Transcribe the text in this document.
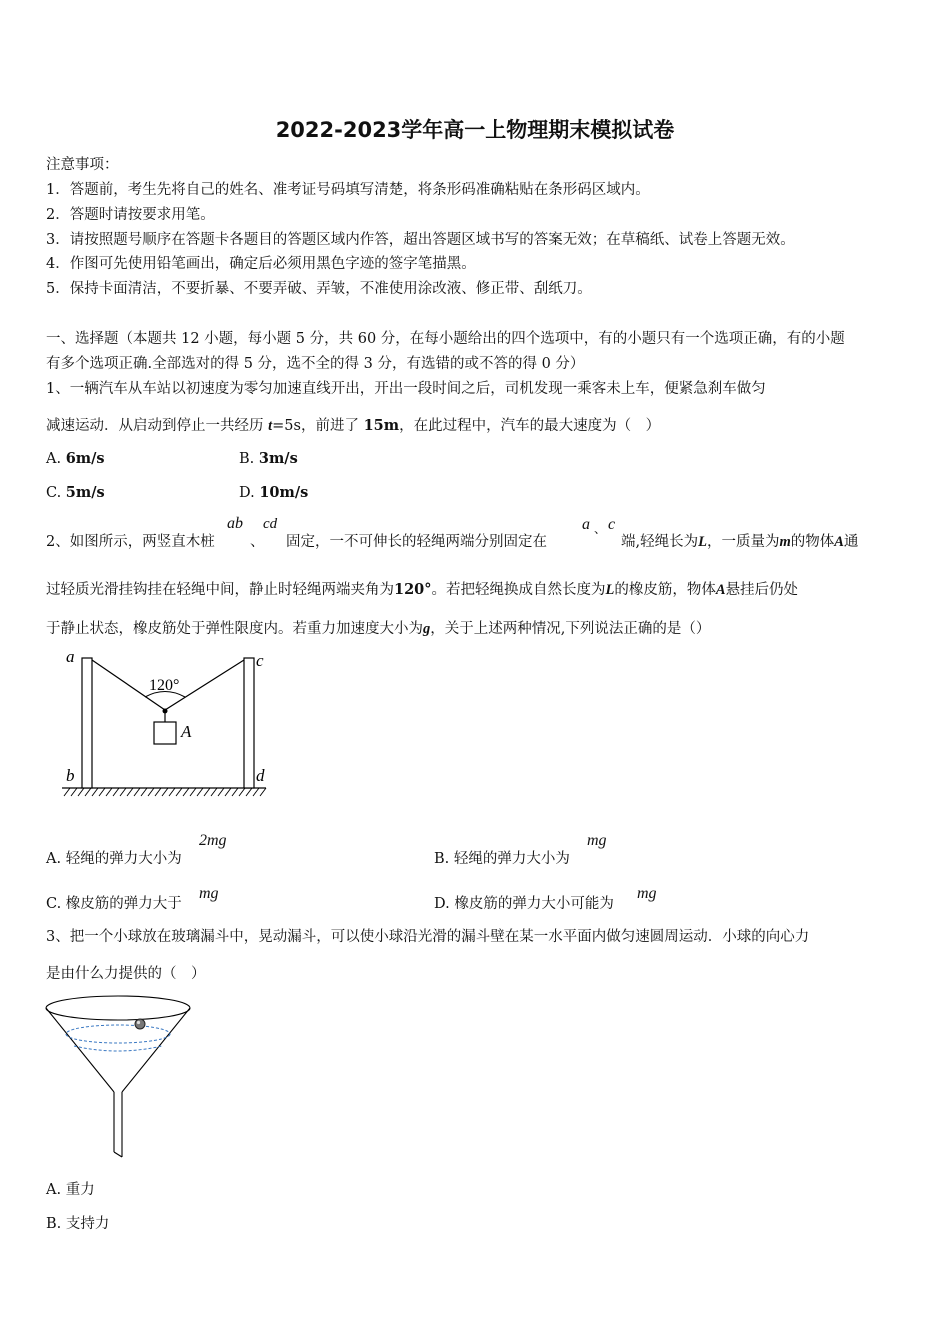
2022-2023学年高一上物理期末模拟试卷
注意事项：
1．答题前，考生先将自己的姓名、准考证号码填写清楚，将条形码准确粘贴在条形码区域内。
2．答题时请按要求用笔。
3．请按照题号顺序在答题卡各题目的答题区域内作答，超出答题区域书写的答案无效；在草稿纸、试卷上答题无效。
4．作图可先使用铅笔画出，确定后必须用黑色字迹的签字笔描黑。
5．保持卡面清洁，不要折暴、不要弄破、弄皱，不准使用涂改液、修正带、刮纸刀。
一、选择题（本题共 12 小题，每小题 5 分，共 60 分，在每小题给出的四个选项中，有的小题只有一个选项正确，有的小题
有多个选项正确.全部选对的得 5 分，选不全的得 3 分，有选错的或不答的得 0 分）
1、一辆汽车从车站以初速度为零匀加速直线开出，开出一段时间之后，司机发现一乘客未上车，便紧急刹车做匀
减速运动．从启动到停止一共经历 t=5s，前进了 15m，在此过程中，汽车的最大速度为（　）
A. 6m/s	B. 3m/s
C. 5m/s	D. 10m/s
2、如图所示，两竖直木桩
ab
、
cd
固定，一不可伸长的轻绳两端分别固定在
a 、 c
端,轻绳长为L，一质量为m的物体A通
过轻质光滑挂钩挂在轻绳中间，静止时轻绳两端夹角为120°。若把轻绳换成自然长度为L的橡皮筋，物体A悬挂后仍处
于静止状态，橡皮筋处于弹性限度内。若重力加速度大小为g，关于上述两种情况,下列说法正确的是（）
a
b
c
d
A
120°
A. 轻绳的弹力大小为
2mg
B. 轻绳的弹力大小为
mg
C. 橡皮筋的弹力大于
mg
D. 橡皮筋的弹力大小可能为
mg
3、把一个小球放在玻璃漏斗中，晃动漏斗，可以使小球沿光滑的漏斗壁在某一水平面内做匀速圆周运动．小球的向心力
是由什么力提供的（　）
A. 重力
B. 支持力
